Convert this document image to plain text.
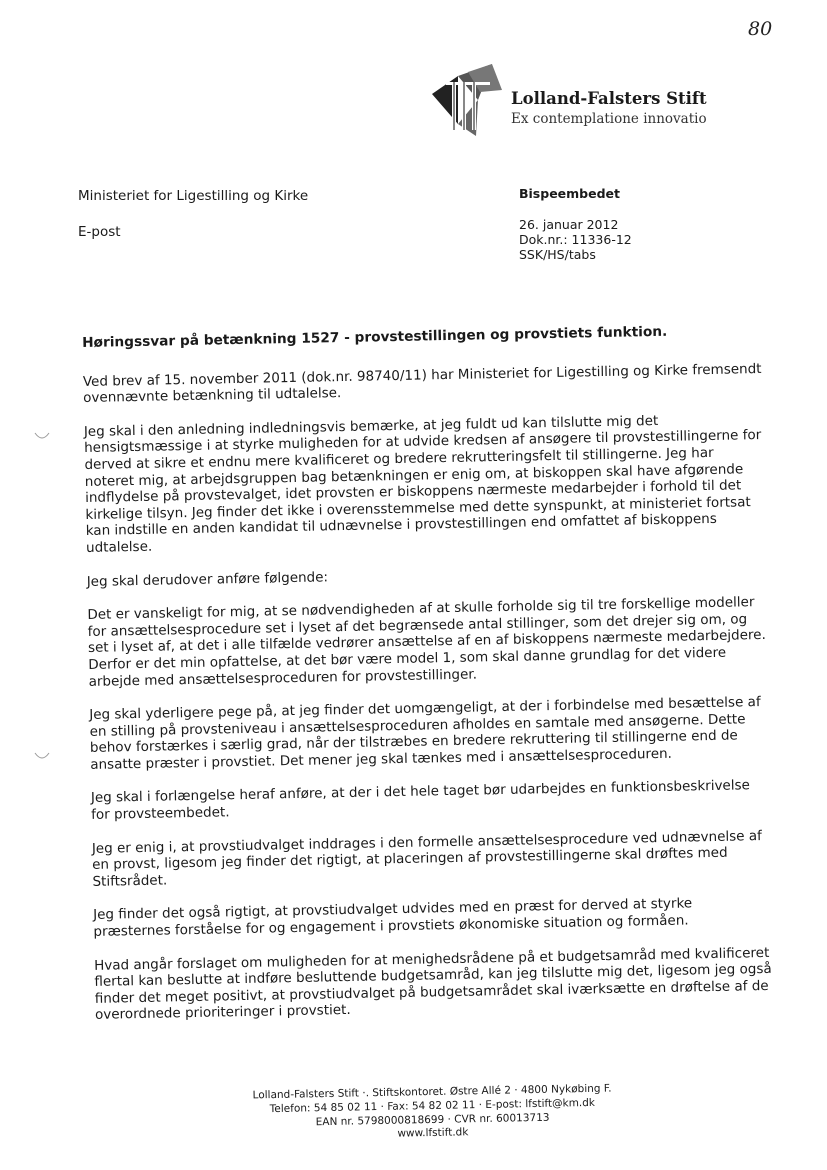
80
Lolland-Falsters Stift
Ex contemplatione innovatio
Ministeriet for Ligestilling og Kirke
E-post
Bispeembedet
26. januar 2012
Dok.nr.: 11336-12
SSK/HS/tabs
Høringssvar på betænkning 1527 - provstestillingen og provstiets funktion.

Ved brev af 15. november 2011 (dok.nr. 98740/11) har Ministeriet for Ligestilling og Kirke fremsendt ovennævnte betænkning til udtalelse.

Jeg skal i den anledning indledningsvis bemærke, at jeg fuldt ud kan tilslutte mig det hensigtsmæssige i at styrke muligheden for at udvide kredsen af ansøgere til provstestillingerne for derved at sikre et endnu mere kvalificeret og bredere rekrutteringsfelt til stillingerne. Jeg har noteret mig, at arbejdsgruppen bag betænkningen er enig om, at biskoppen skal have afgørende indflydelse på provstevalget, idet provsten er biskoppens nærmeste medarbejder i forhold til det kirkelige tilsyn. Jeg finder det ikke i overensstemmelse med dette synspunkt, at ministeriet fortsat kan indstille en anden kandidat til udnævnelse i provstestillingen end omfattet af biskoppens udtalelse.

Jeg skal derudover anføre følgende:

Det er vanskeligt for mig, at se nødvendigheden af at skulle forholde sig til tre forskellige modeller for ansættelsesprocedure set i lyset af det begrænsede antal stillinger, som det drejer sig om, og set i lyset af, at det i alle tilfælde vedrører ansættelse af en af biskoppens nærmeste medarbejdere. Derfor er det min opfattelse, at det bør være model 1, som skal danne grundlag for det videre arbejde med ansættelsesproceduren for provstestillinger.

Jeg skal yderligere pege på, at jeg finder det uomgængeligt, at der i forbindelse med besættelse af en stilling på provsteniveau i ansættelsesproceduren afholdes en samtale med ansøgerne. Dette behov forstærkes i særlig grad, når der tilstræbes en bredere rekruttering til stillingerne end de ansatte præster i provstiet. Det mener jeg skal tænkes med i ansættelsesproceduren.

Jeg skal i forlængelse heraf anføre, at der i det hele taget bør udarbejdes en funktionsbeskrivelse for provsteembedet.

Jeg er enig i, at provstiudvalget inddrages i den formelle ansættelsesprocedure ved udnævnelse af en provst, ligesom jeg finder det rigtigt, at placeringen af provstestillingerne skal drøftes med Stiftsrådet.

Jeg finder det også rigtigt, at provstiudvalget udvides med en præst for derved at styrke præsternes forståelse for og engagement i provstiets økonomiske situation og formåen.

Hvad angår forslaget om muligheden for at menighedsrådene på et budgetsamråd med kvalificeret flertal kan beslutte at indføre besluttende budgetsamråd, kan jeg tilslutte mig det, ligesom jeg også finder det meget positivt, at provstiudvalget på budgetsamrådet skal iværksætte en drøftelse af de overordnede prioriteringer i provstiet.

Lolland-Falsters Stift ·. Stiftskontoret. Østre Allé 2 · 4800 Nykøbing F.
Telefon: 54 85 02 11 · Fax: 54 82 02 11 · E-post: lfstift@km.dk
EAN nr. 5798000818699 · CVR nr. 60013713
www.lfstift.dk
